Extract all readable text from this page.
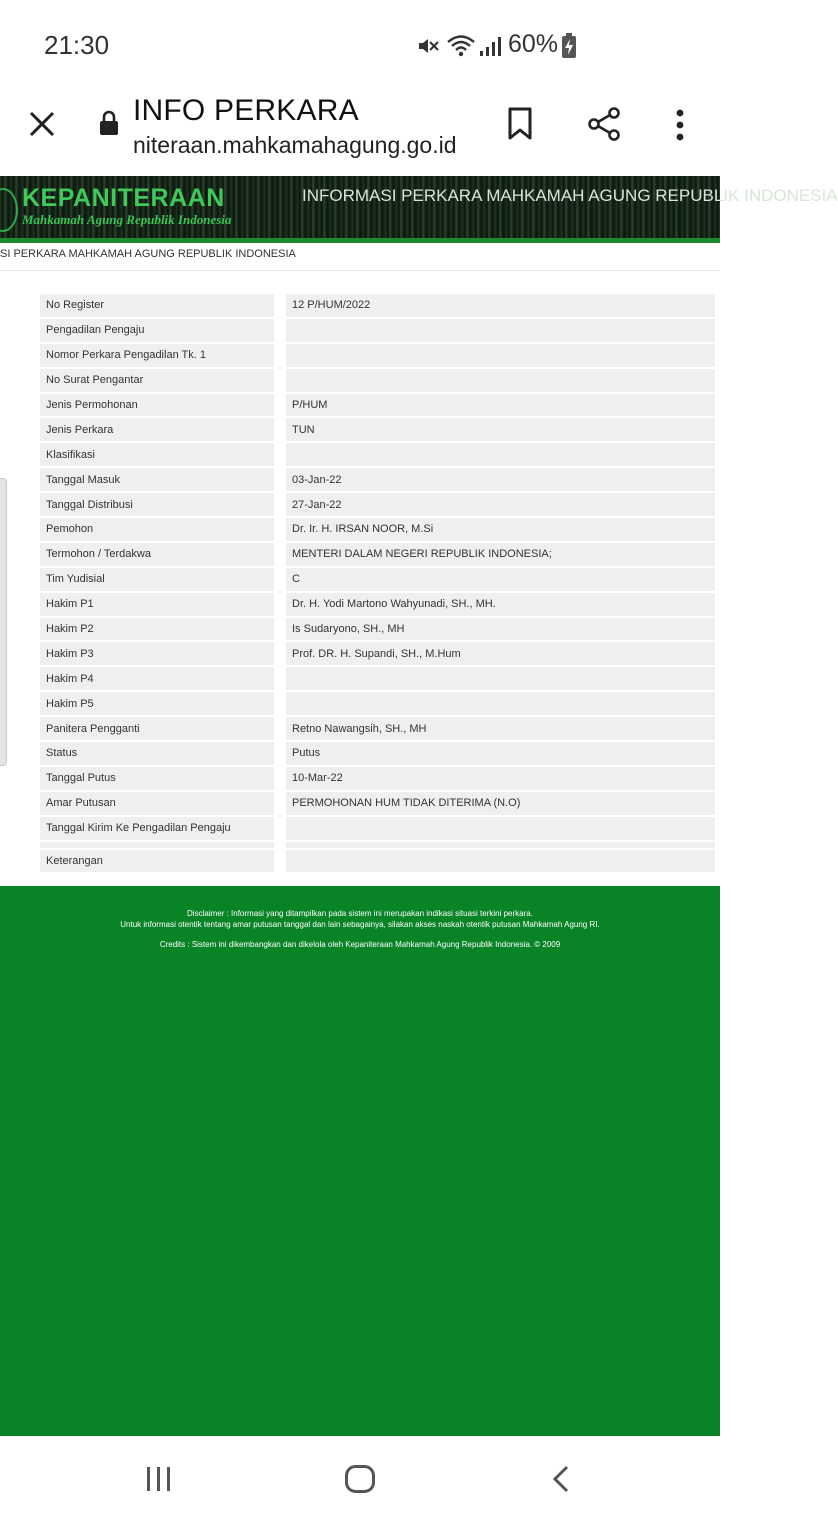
21:30	60%
INFO PERKARA
niteraan.mahkamahagung.go.id
KEPANITERAAN
Mahkamah Agung Republik Indonesia
INFORMASI PERKARA MAHKAMAH AGUNG REPUBLIK INDONESIA
SI PERKARA MAHKAMAH AGUNG REPUBLIK INDONESIA
No Register		12 P/HUM/2022
Pengadilan Pengaju		
Nomor Perkara Pengadilan Tk. 1		
No Surat Pengantar		
Jenis Permohonan		P/HUM
Jenis Perkara		TUN
Klasifikasi		
Tanggal Masuk		03-Jan-22
Tanggal Distribusi		27-Jan-22
Pemohon		Dr. Ir. H. IRSAN NOOR, M.Si
Termohon / Terdakwa		MENTERI DALAM NEGERI REPUBLIK INDONESIA;
Tim Yudisial		C
Hakim P1		Dr. H. Yodi Martono Wahyunadi, SH., MH.
Hakim P2		Is Sudaryono, SH., MH
Hakim P3		Prof. DR. H. Supandi, SH., M.Hum
Hakim P4		
Hakim P5		
Panitera Pengganti		Retno Nawangsih, SH., MH
Status		Putus
Tanggal Putus		10-Mar-22
Amar Putusan		PERMOHONAN HUM TIDAK DITERIMA (N.O)
Tanggal Kirim Ke Pengadilan Pengaju		

Keterangan		
Disclaimer : Informasi yang ditampilkan pada sistem ini merupakan indikasi situasi terkini perkara.
Untuk informasi otentik tentang amar putusan tanggal dan lain sebagainya, silakan akses naskah otentik putusan Mahkamah Agung RI.
Credits : Sistem ini dikembangkan dan dikelola oleh Kepaniteraan Mahkamah Agung Republik Indonesia. © 2009
